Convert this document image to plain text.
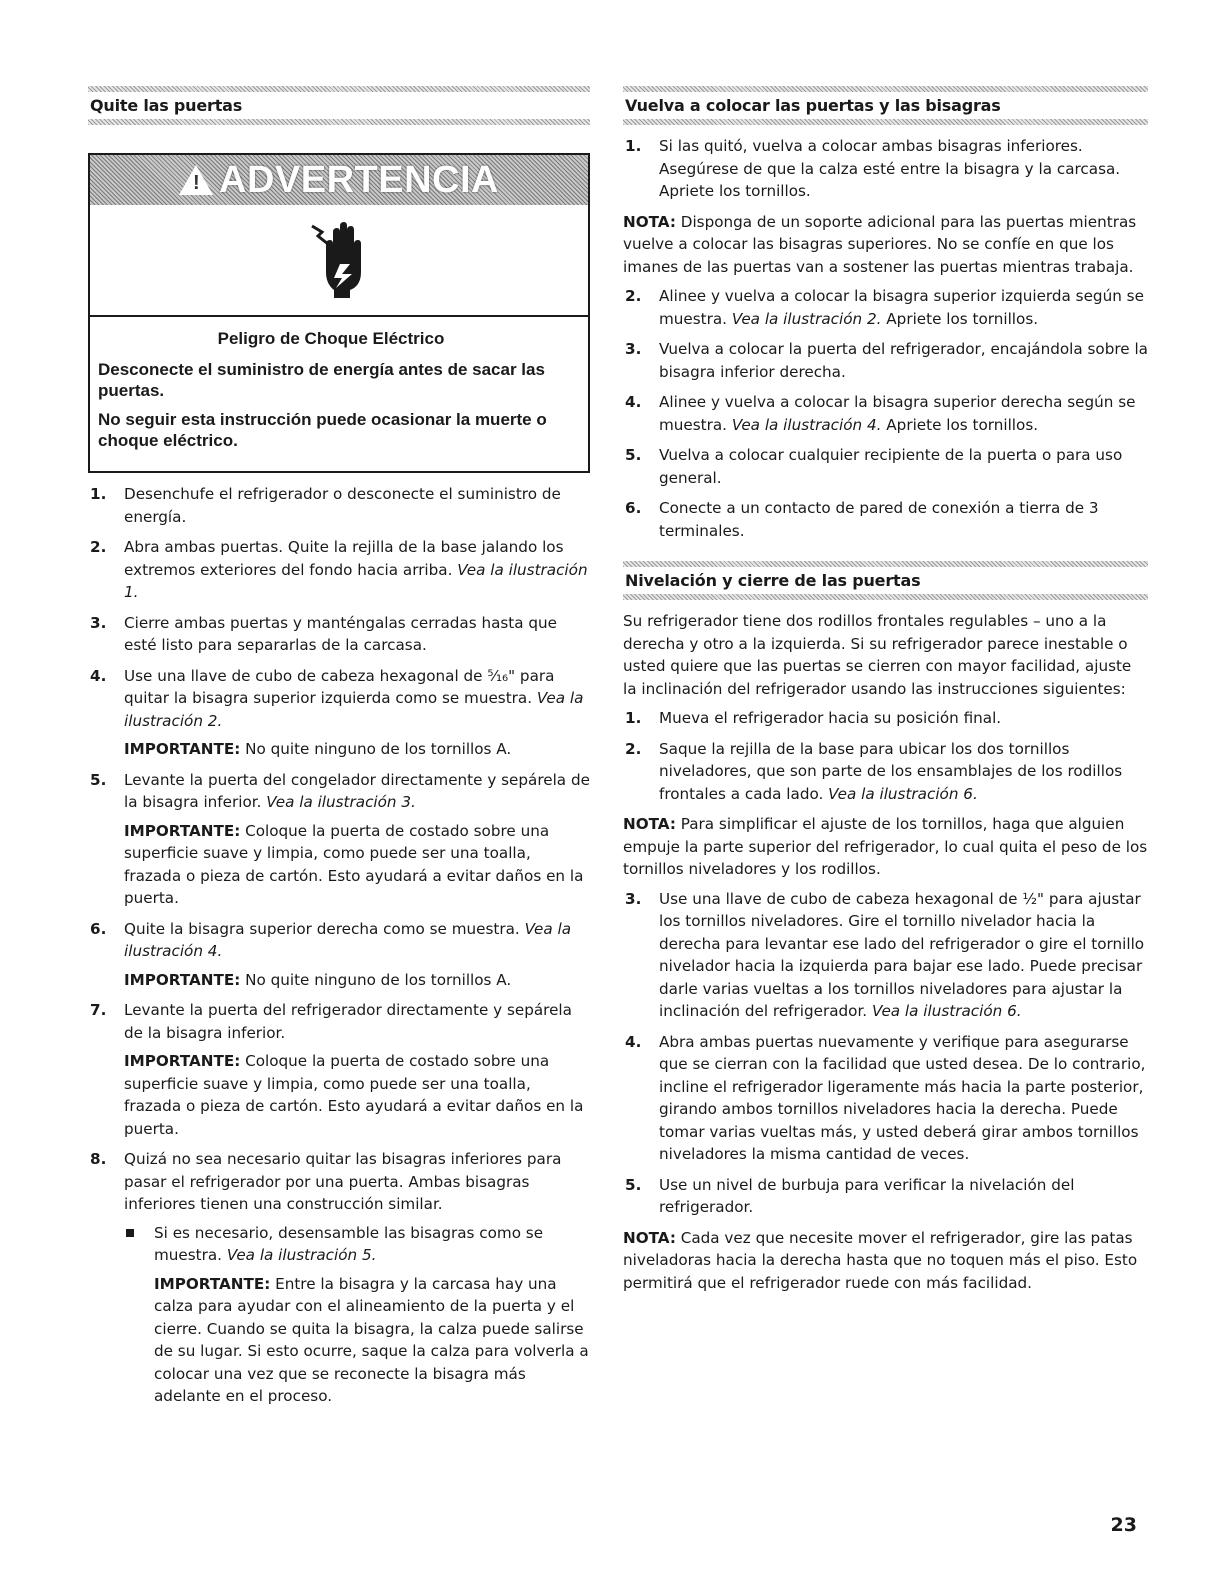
Quite las puertas
! ADVERTENCIA
Peligro de Choque Eléctrico

Desconecte el suministro de energía antes de sacar las puertas.

No seguir esta instrucción puede ocasionar la muerte o choque eléctrico.

1. Desenchufe el refrigerador o desconecte el suministro de energía.
2. Abra ambas puertas. Quite la rejilla de la base jalando los extremos exteriores del fondo hacia arriba. Vea la ilustración 1.
3. Cierre ambas puertas y manténgalas cerradas hasta que esté listo para separarlas de la carcasa.
4. Use una llave de cubo de cabeza hexagonal de ⁵⁄₁₆" para quitar la bisagra superior izquierda como se muestra. Vea la ilustración 2.

IMPORTANTE: No quite ninguno de los tornillos A.

5. Levante la puerta del congelador directamente y sepárela de la bisagra inferior. Vea la ilustración 3.

IMPORTANTE: Coloque la puerta de costado sobre una superficie suave y limpia, como puede ser una toalla, frazada o pieza de cartón. Esto ayudará a evitar daños en la puerta.

6. Quite la bisagra superior derecha como se muestra. Vea la ilustración 4.

IMPORTANTE: No quite ninguno de los tornillos A.

7. Levante la puerta del refrigerador directamente y sepárela de la bisagra inferior.

IMPORTANTE: Coloque la puerta de costado sobre una superficie suave y limpia, como puede ser una toalla, frazada o pieza de cartón. Esto ayudará a evitar daños en la puerta.

8. Quizá no sea necesario quitar las bisagras inferiores para pasar el refrigerador por una puerta. Ambas bisagras inferiores tienen una construcción similar.
Si es necesario, desensamble las bisagras como se muestra. Vea la ilustración 5.

IMPORTANTE: Entre la bisagra y la carcasa hay una calza para ayudar con el alineamiento de la puerta y el cierre. Cuando se quita la bisagra, la calza puede salirse de su lugar. Si esto ocurre, saque la calza para volverla a colocar una vez que se reconecte la bisagra más adelante en el proceso.

Vuelva a colocar las puertas y las bisagras
1. Si las quitó, vuelva a colocar ambas bisagras inferiores. Asegúrese de que la calza esté entre la bisagra y la carcasa. Apriete los tornillos.

NOTA: Disponga de un soporte adicional para las puertas mientras vuelve a colocar las bisagras superiores. No se confíe en que los imanes de las puertas van a sostener las puertas mientras trabaja.

2. Alinee y vuelva a colocar la bisagra superior izquierda según se muestra. Vea la ilustración 2. Apriete los tornillos.
3. Vuelva a colocar la puerta del refrigerador, encajándola sobre la bisagra inferior derecha.
4. Alinee y vuelva a colocar la bisagra superior derecha según se muestra. Vea la ilustración 4. Apriete los tornillos.
5. Vuelva a colocar cualquier recipiente de la puerta o para uso general.
6. Conecte a un contacto de pared de conexión a tierra de 3 terminales.
Nivelación y cierre de las puertas

Su refrigerador tiene dos rodillos frontales regulables – uno a la derecha y otro a la izquierda. Si su refrigerador parece inestable o usted quiere que las puertas se cierren con mayor facilidad, ajuste la inclinación del refrigerador usando las instrucciones siguientes:

1. Mueva el refrigerador hacia su posición final.
2. Saque la rejilla de la base para ubicar los dos tornillos niveladores, que son parte de los ensamblajes de los rodillos frontales a cada lado. Vea la ilustración 6.

NOTA: Para simplificar el ajuste de los tornillos, haga que alguien empuje la parte superior del refrigerador, lo cual quita el peso de los tornillos niveladores y los rodillos.

3. Use una llave de cubo de cabeza hexagonal de ½" para ajustar los tornillos niveladores. Gire el tornillo nivelador hacia la derecha para levantar ese lado del refrigerador o gire el tornillo nivelador hacia la izquierda para bajar ese lado. Puede precisar darle varias vueltas a los tornillos niveladores para ajustar la inclinación del refrigerador. Vea la ilustración 6.
4. Abra ambas puertas nuevamente y verifique para asegurarse que se cierran con la facilidad que usted desea. De lo contrario, incline el refrigerador ligeramente más hacia la parte posterior, girando ambos tornillos niveladores hacia la derecha. Puede tomar varias vueltas más, y usted deberá girar ambos tornillos niveladores la misma cantidad de veces.
5. Use un nivel de burbuja para verificar la nivelación del refrigerador.

NOTA: Cada vez que necesite mover el refrigerador, gire las patas niveladoras hacia la derecha hasta que no toquen más el piso. Esto permitirá que el refrigerador ruede con más facilidad.

23
